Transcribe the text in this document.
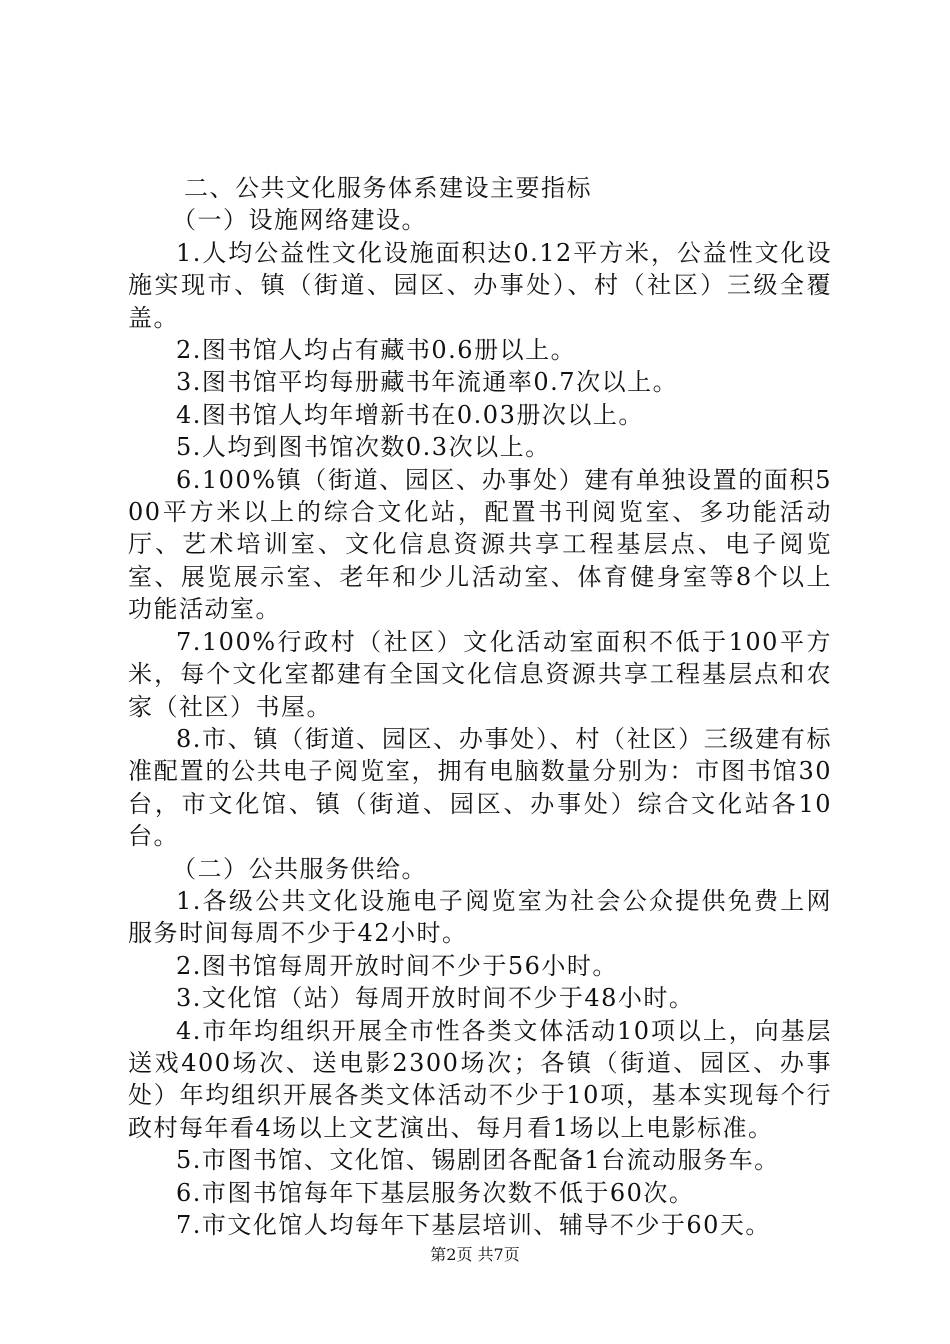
二、公共文化服务体系建设主要指标

（一）设施网络建设。

1.人均公益性文化设施面积达0.12平方米，公益性文化设施实现市、镇（街道、园区、办事处）、村（社区）三级全覆盖。

2.图书馆人均占有藏书0.6册以上。

3.图书馆平均每册藏书年流通率0.7次以上。

4.图书馆人均年增新书在0.03册次以上。

5.人均到图书馆次数0.3次以上。

6.100%镇（街道、园区、办事处）建有单独设置的面积500平方米以上的综合文化站，配置书刊阅览室、多功能活动厅、艺术培训室、文化信息资源共享工程基层点、电子阅览室、展览展示室、老年和少儿活动室、体育健身室等8个以上功能活动室。

7.100%行政村（社区）文化活动室面积不低于100平方米，每个文化室都建有全国文化信息资源共享工程基层点和农家（社区）书屋。

8.市、镇（街道、园区、办事处）、村（社区）三级建有标准配置的公共电子阅览室，拥有电脑数量分别为：市图书馆30台，市文化馆、镇（街道、园区、办事处）综合文化站各10台。

（二）公共服务供给。

1.各级公共文化设施电子阅览室为社会公众提供免费上网服务时间每周不少于42小时。

2.图书馆每周开放时间不少于56小时。

3.文化馆（站）每周开放时间不少于48小时。

4.市年均组织开展全市性各类文体活动10项以上，向基层送戏400场次、送电影2300场次；各镇（街道、园区、办事处）年均组织开展各类文体活动不少于10项，基本实现每个行政村每年看4场以上文艺演出、每月看1场以上电影标准。

5.市图书馆、文化馆、锡剧团各配备1台流动服务车。

6.市图书馆每年下基层服务次数不低于60次。

7.市文化馆人均每年下基层培训、辅导不少于60天。

第2页 共7页
